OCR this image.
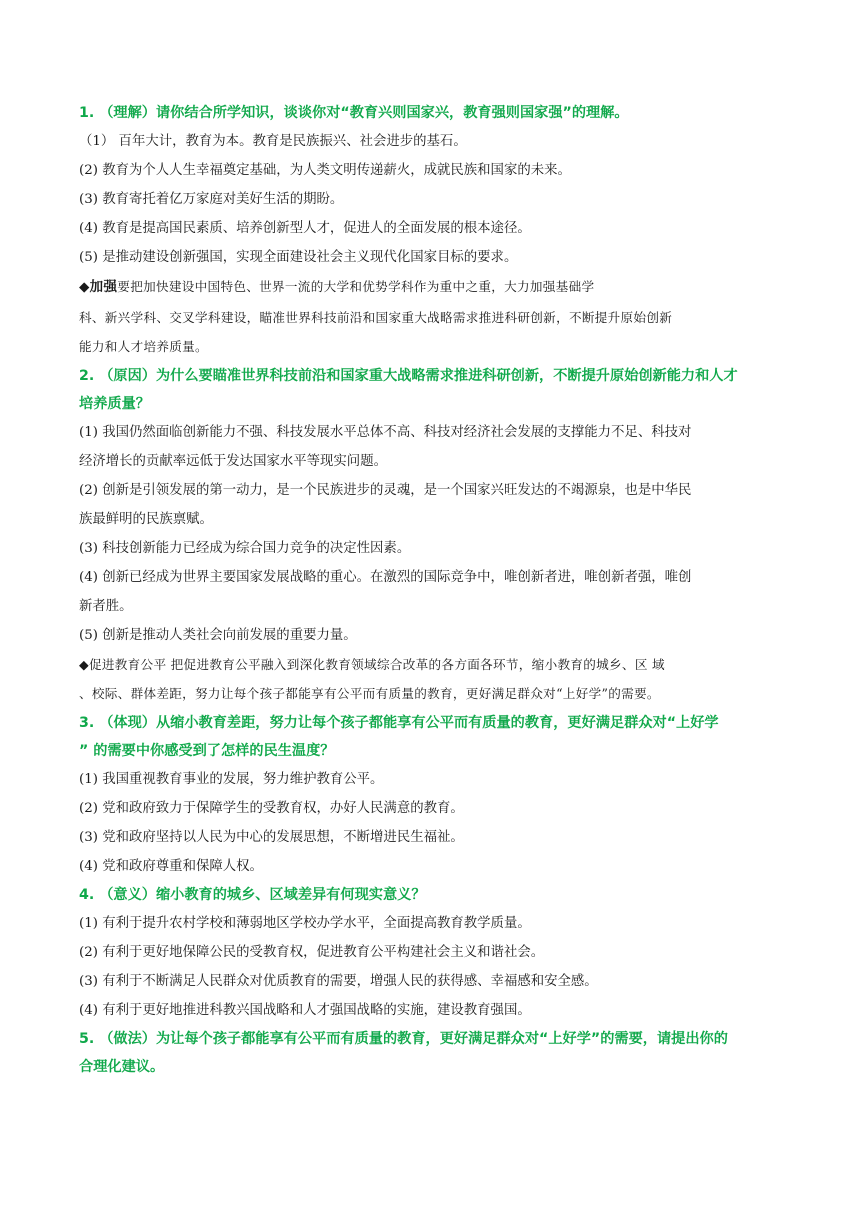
1. （理解）请你结合所学知识，谈谈你对“教育兴则国家兴，教育强则国家强”的理解。

（1） 百年大计，教育为本。教育是民族振兴、社会进步的基石。

(2) 教育为个人人生幸福奠定基础，为人类文明传递薪火，成就民族和国家的未来。

(3) 教育寄托着亿万家庭对美好生活的期盼。

(4) 教育是提高国民素质、培养创新型人才，促进人的全面发展的根本途径。

(5) 是推动建设创新强国，实现全面建设社会主义现代化国家目标的要求。

◆加强要把加快建设中国特色、世界一流的大学和优势学科作为重中之重，大力加强基础学

科、新兴学科、交叉学科建设，瞄准世界科技前沿和国家重大战略需求推进科研创新，不断提升原始创新

能力和人才培养质量。

2. （原因）为什么要瞄准世界科技前沿和国家重大战略需求推进科研创新，不断提升原始创新能力和人才

培养质量？

(1) 我国仍然面临创新能力不强、科技发展水平总体不高、科技对经济社会发展的支撑能力不足、科技对

经济增长的贡献率远低于发达国家水平等现实问题。

(2) 创新是引领发展的第一动力，是一个民族进步的灵魂，是一个国家兴旺发达的不竭源泉，也是中华民

族最鲜明的民族禀赋。

(3) 科技创新能力已经成为综合国力竞争的决定性因素。

(4) 创新已经成为世界主要国家发展战略的重心。在激烈的国际竞争中，唯创新者进，唯创新者强，唯创

新者胜。

(5) 创新是推动人类社会向前发展的重要力量。

◆促进教育公平 把促进教育公平融入到深化教育领域综合改革的各方面各环节，缩小教育的城乡、区 域

、校际、群体差距，努力让每个孩子都能享有公平而有质量的教育，更好满足群众对“上好学”的需要。

3. （体现）从缩小教育差距，努力让每个孩子都能享有公平而有质量的教育，更好满足群众对“上好学

” 的需要中你感受到了怎样的民生温度？

(1) 我国重视教育事业的发展，努力维护教育公平。

(2) 党和政府致力于保障学生的受教育权，办好人民满意的教育。

(3) 党和政府坚持以人民为中心的发展思想，不断增进民生福祉。

(4) 党和政府尊重和保障人权。

4. （意义）缩小教育的城乡、区域差异有何现实意义？

(1) 有利于提升农村学校和薄弱地区学校办学水平，全面提高教育教学质量。

(2) 有利于更好地保障公民的受教育权，促进教育公平构建社会主义和谐社会。

(3) 有利于不断满足人民群众对优质教育的需要，增强人民的获得感、幸福感和安全感。

(4) 有利于更好地推进科教兴国战略和人才强国战略的实施，建设教育强国。

5. （做法）为让每个孩子都能享有公平而有质量的教育，更好满足群众对“上好学”的需要，请提出你的

合理化建议。
